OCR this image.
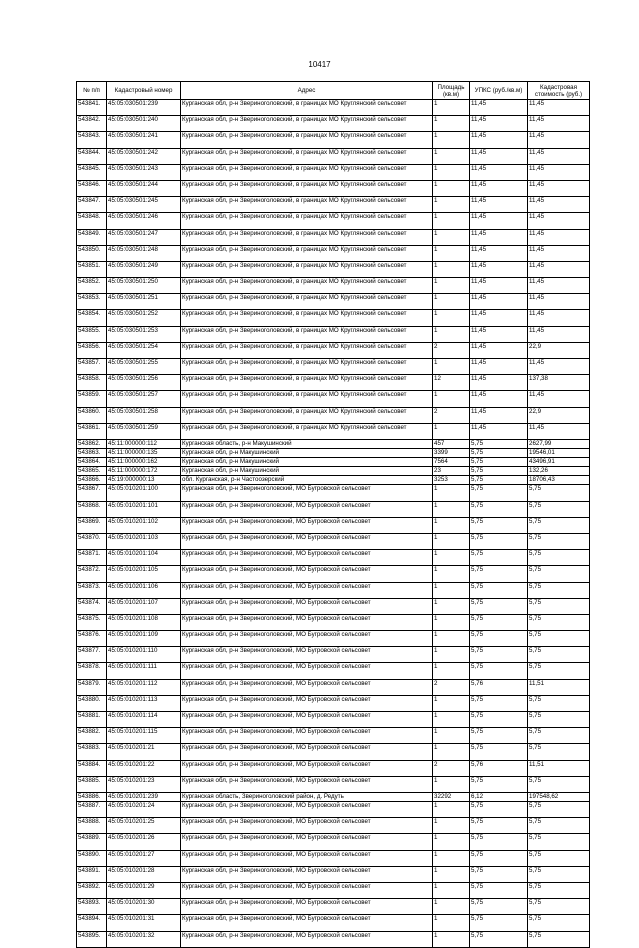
10417
№ п/п	Кадастровый номер	Адрес	Площадь (кв.м)	УПКС (руб./кв.м)	Кадастровая стоимость (руб.)
543841.	45:05:030501:239	Курганская обл, р-н Звериноголовский, в границах МО Круглянский сельсовет	1	11,45	11,45
543842.	45:05:030501:240	Курганская обл, р-н Звериноголовский, в границах МО Круглянский сельсовет	1	11,45	11,45
543843.	45:05:030501:241	Курганская обл, р-н Звериноголовский, в границах МО Круглянский сельсовет	1	11,45	11,45
543844.	45:05:030501:242	Курганская обл, р-н Звериноголовский, в границах МО Круглянский сельсовет	1	11,45	11,45
543845.	45:05:030501:243	Курганская обл, р-н Звериноголовский, в границах МО Круглянский сельсовет	1	11,45	11,45
543846.	45:05:030501:244	Курганская обл, р-н Звериноголовский, в границах МО Круглянский сельсовет	1	11,45	11,45
543847.	45:05:030501:245	Курганская обл, р-н Звериноголовский, в границах МО Круглянский сельсовет	1	11,45	11,45
543848.	45:05:030501:246	Курганская обл, р-н Звериноголовский, в границах МО Круглянский сельсовет	1	11,45	11,45
543849.	45:05:030501:247	Курганская обл, р-н Звериноголовский, в границах МО Круглянский сельсовет	1	11,45	11,45
543850.	45:05:030501:248	Курганская обл, р-н Звериноголовский, в границах МО Круглянский сельсовет	1	11,45	11,45
543851.	45:05:030501:249	Курганская обл, р-н Звериноголовский, в границах МО Круглянский сельсовет	1	11,45	11,45
543852.	45:05:030501:250	Курганская обл, р-н Звериноголовский, в границах МО Круглянский сельсовет	1	11,45	11,45
543853.	45:05:030501:251	Курганская обл, р-н Звериноголовский, в границах МО Круглянский сельсовет	1	11,45	11,45
543854.	45:05:030501:252	Курганская обл, р-н Звериноголовский, в границах МО Круглянский сельсовет	1	11,45	11,45
543855.	45:05:030501:253	Курганская обл, р-н Звериноголовский, в границах МО Круглянский сельсовет	1	11,45	11,45
543856.	45:05:030501:254	Курганская обл, р-н Звериноголовский, в границах МО Круглянский сельсовет	2	11,45	22,9
543857.	45:05:030501:255	Курганская обл, р-н Звериноголовский, в границах МО Круглянский сельсовет	1	11,45	11,45
543858.	45:05:030501:256	Курганская обл, р-н Звериноголовский, в границах МО Круглянский сельсовет	12	11,45	137,38
543859.	45:05:030501:257	Курганская обл, р-н Звериноголовский, в границах МО Круглянский сельсовет	1	11,45	11,45
543860.	45:05:030501:258	Курганская обл, р-н Звериноголовский, в границах МО Круглянский сельсовет	2	11,45	22,9
543861.	45:05:030501:259	Курганская обл, р-н Звериноголовский, в границах МО Круглянский сельсовет	1	11,45	11,45
543862.	45:11:000000:112	Курганская область, р-н Макушинский	457	5,75	2627,99
543863.	45:11:000000:135	Курганская обл, р-н Макушинский	3399	5,75	19546,01
543864.	45:11:000000:162	Курганская обл, р-н Макушинский	7564	5,75	43496,91
543865.	45:11:000000:172	Курганская обл, р-н Макушинский	23	5,75	132,26
543866.	45:19:000000:13	обл. Курганская, р-н Частоозерский	3253	5,75	18706,43
543867.	45:05:010201:100	Курганская обл, р-н Звериноголовский, МО Бугровской сельсовет	1	5,75	5,75
543868.	45:05:010201:101	Курганская обл, р-н Звериноголовский, МО Бугровской сельсовет	1	5,75	5,75
543869.	45:05:010201:102	Курганская обл, р-н Звериноголовский, МО Бугровской сельсовет	1	5,75	5,75
543870.	45:05:010201:103	Курганская обл, р-н Звериноголовский, МО Бугровской сельсовет	1	5,75	5,75
543871.	45:05:010201:104	Курганская обл, р-н Звериноголовский, МО Бугровской сельсовет	1	5,75	5,75
543872.	45:05:010201:105	Курганская обл, р-н Звериноголовский, МО Бугровской сельсовет	1	5,75	5,75
543873.	45:05:010201:106	Курганская обл, р-н Звериноголовский, МО Бугровской сельсовет	1	5,75	5,75
543874.	45:05:010201:107	Курганская обл, р-н Звериноголовский, МО Бугровской сельсовет	1	5,75	5,75
543875.	45:05:010201:108	Курганская обл, р-н Звериноголовский, МО Бугровской сельсовет	1	5,75	5,75
543876.	45:05:010201:109	Курганская обл, р-н Звериноголовский, МО Бугровской сельсовет	1	5,75	5,75
543877.	45:05:010201:110	Курганская обл, р-н Звериноголовский, МО Бугровской сельсовет	1	5,75	5,75
543878.	45:05:010201:111	Курганская обл, р-н Звериноголовский, МО Бугровской сельсовет	1	5,75	5,75
543879.	45:05:010201:112	Курганская обл, р-н Звериноголовский, МО Бугровской сельсовет	2	5,76	11,51
543880.	45:05:010201:113	Курганская обл, р-н Звериноголовский, МО Бугровской сельсовет	1	5,75	5,75
543881.	45:05:010201:114	Курганская обл, р-н Звериноголовский, МО Бугровской сельсовет	1	5,75	5,75
543882.	45:05:010201:115	Курганская обл, р-н Звериноголовский, МО Бугровской сельсовет	1	5,75	5,75
543883.	45:05:010201:21	Курганская обл, р-н Звериноголовский, МО Бугровской сельсовет	1	5,75	5,75
543884.	45:05:010201:22	Курганская обл, р-н Звериноголовский, МО Бугровской сельсовет	2	5,76	11,51
543885.	45:05:010201:23	Курганская обл, р-н Звериноголовский, МО Бугровской сельсовет	1	5,75	5,75
543886.	45:05:010201:239	Курганская область, Звериноголовский район, д. Редуть	32292	6,12	197548,62
543887.	45:05:010201:24	Курганская обл, р-н Звериноголовский, МО Бугровской сельсовет	1	5,75	5,75
543888.	45:05:010201:25	Курганская обл, р-н Звериноголовский, МО Бугровской сельсовет	1	5,75	5,75
543889.	45:05:010201:26	Курганская обл, р-н Звериноголовский, МО Бугровской сельсовет	1	5,75	5,75
543890.	45:05:010201:27	Курганская обл, р-н Звериноголовский, МО Бугровской сельсовет	1	5,75	5,75
543891.	45:05:010201:28	Курганская обл, р-н Звериноголовский, МО Бугровской сельсовет	1	5,75	5,75
543892.	45:05:010201:29	Курганская обл, р-н Звериноголовский, МО Бугровской сельсовет	1	5,75	5,75
543893.	45:05:010201:30	Курганская обл, р-н Звериноголовский, МО Бугровской сельсовет	1	5,75	5,75
543894.	45:05:010201:31	Курганская обл, р-н Звериноголовский, МО Бугровской сельсовет	1	5,75	5,75
543895.	45:05:010201:32	Курганская обл, р-н Звериноголовский, МО Бугровской сельсовет	1	5,75	5,75
